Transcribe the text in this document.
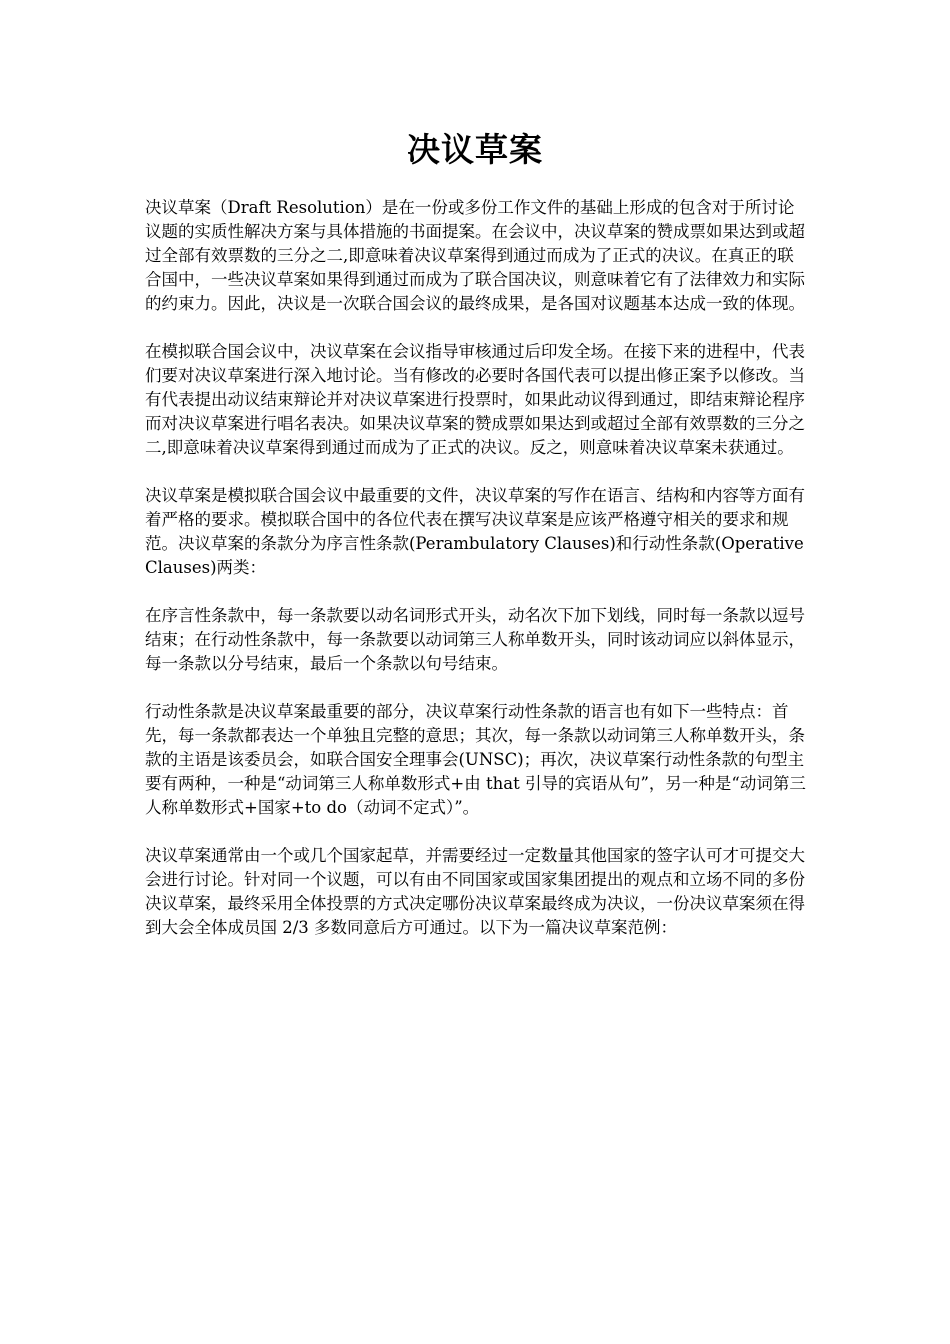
决议草案

决议草案（Draft Resolution）是在一份或多份工作文件的基础上形成的包含对于所讨论议题的实质性解决方案与具体措施的书面提案。在会议中，决议草案的赞成票如果达到或超过全部有效票数的三分之二,即意味着决议草案得到通过而成为了正式的决议。在真正的联合国中，一些决议草案如果得到通过而成为了联合国决议，则意味着它有了法律效力和实际的约束力。因此，决议是一次联合国会议的最终成果，是各国对议题基本达成一致的体现。

在模拟联合国会议中，决议草案在会议指导审核通过后印发全场。在接下来的进程中，代表们要对决议草案进行深入地讨论。当有修改的必要时各国代表可以提出修正案予以修改。当有代表提出动议结束辩论并对决议草案进行投票时，如果此动议得到通过，即结束辩论程序而对决议草案进行唱名表决。如果决议草案的赞成票如果达到或超过全部有效票数的三分之二,即意味着决议草案得到通过而成为了正式的决议。反之，则意味着决议草案未获通过。

决议草案是模拟联合国会议中最重要的文件，决议草案的写作在语言、结构和内容等方面有着严格的要求。模拟联合国中的各位代表在撰写决议草案是应该严格遵守相关的要求和规范。决议草案的条款分为序言性条款(Perambulatory Clauses)和行动性条款(Operative Clauses)两类：

在序言性条款中，每一条款要以动名词形式开头，动名次下加下划线，同时每一条款以逗号结束；在行动性条款中，每一条款要以动词第三人称单数开头，同时该动词应以斜体显示，每一条款以分号结束，最后一个条款以句号结束。

行动性条款是决议草案最重要的部分，决议草案行动性条款的语言也有如下一些特点：首先，每一条款都表达一个单独且完整的意思；其次，每一条款以动词第三人称单数开头，条款的主语是该委员会，如联合国安全理事会(UNSC)；再次，决议草案行动性条款的句型主要有两种，一种是“动词第三人称单数形式+由 that 引导的宾语从句”，另一种是“动词第三人称单数形式+国家+to do（动词不定式）”。

决议草案通常由一个或几个国家起草，并需要经过一定数量其他国家的签字认可才可提交大会进行讨论。针对同一个议题，可以有由不同国家或国家集团提出的观点和立场不同的多份决议草案，最终采用全体投票的方式决定哪份决议草案最终成为决议，一份决议草案须在得到大会全体成员国 2/3 多数同意后方可通过。以下为一篇决议草案范例：
